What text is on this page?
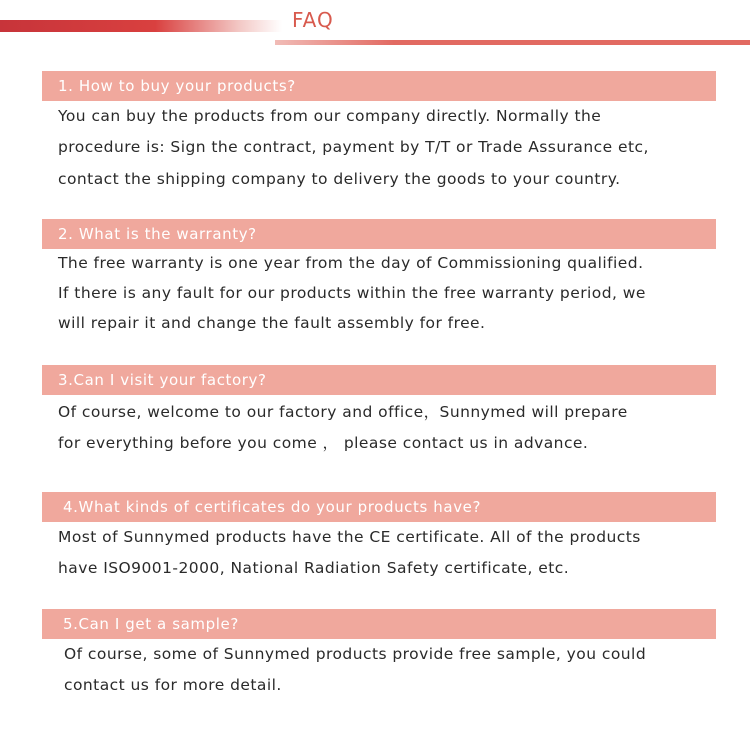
FAQ
1. How to buy your products?
You can buy the products from our company directly. Normally the
procedure is: Sign the contract, payment by T/T or Trade Assurance etc,
contact the shipping company to delivery the goods to your country.
2. What is the warranty?
The free warranty is one year from the day of Commissioning qualified.
If there is any fault for our products within the free warranty period, we
will repair it and change the fault assembly for free.
3.Can I visit your factory?
Of course, welcome to our factory and office，Sunnymed will prepare
for everything before you come ， please contact us in advance.
4.What kinds of certificates do your products have?
Most of Sunnymed products have the CE certificate. All of the products
have ISO9001-2000, National Radiation Safety certificate, etc.
5.Can I get a sample?
Of course, some of Sunnymed products provide free sample, you could
contact us for more detail.
